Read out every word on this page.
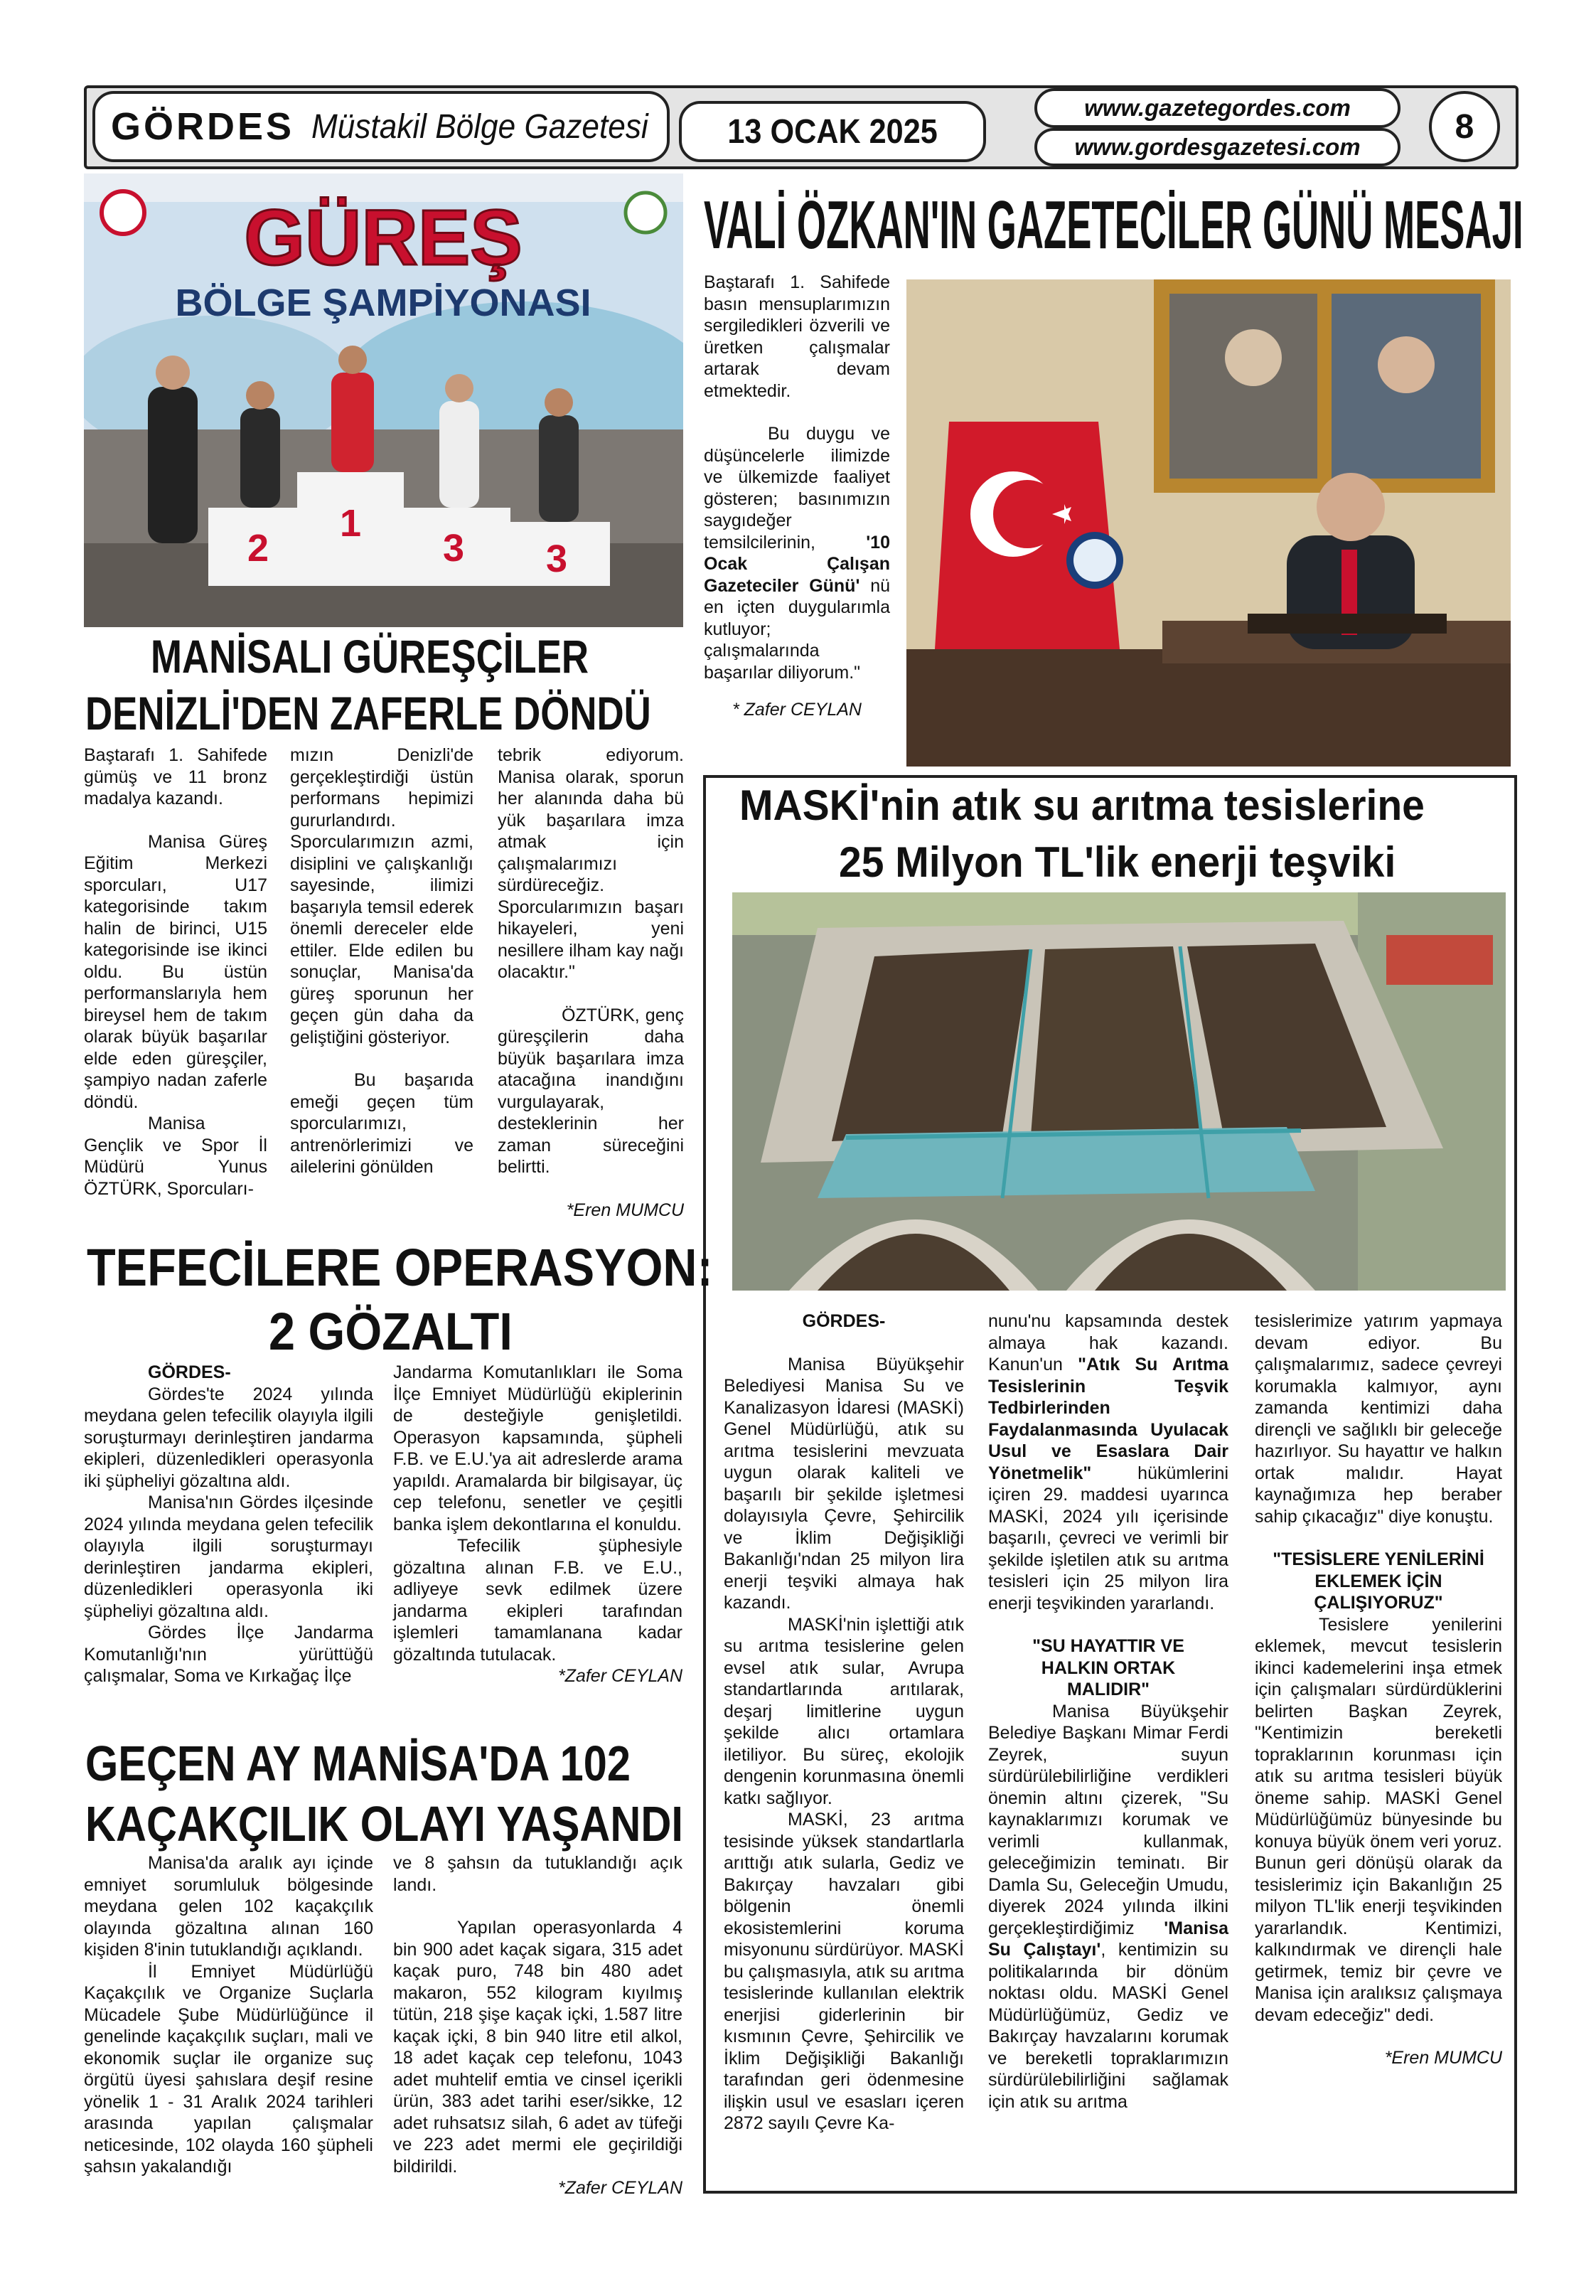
GÖRDES Müstakil Bölge Gazetesi 13 OCAK 2025
www.gazetegordes.com
www.gordesgazetesi.com
8
GÜREŞ
BÖLGE ŞAMPİYONASI
2
1
3 3
MANİSALI GÜREŞÇİLER
DENİZLİ'DEN ZAFERLE DÖNDÜ

Baştarafı 1. Sahifede gümüş ve 11 bronz madalya kazandı.

Manisa Güreş Eğitim Merkezi sporcuları, U17 kategorisinde takım halin de birinci, U15 kategorisinde ise ikinci oldu. Bu üstün performanslarıyla hem bireysel hem de takım olarak büyük başarılar elde eden güreşçiler, şampiyo nadan zaferle döndü.

Manisa Gençlik ve Spor İl Müdürü Yunus ÖZTÜRK, Sporcuları-

mızın Denizli'de gerçekleştirdiği üstün performans hepimizi gururlandırdı. Sporcularımızın azmi, disiplini ve çalışkanlığı sayesinde, ilimizi başarıyla temsil ederek önemli dereceler elde ettiler. Elde edilen bu sonuçlar, Manisa'da güreş sporunun her geçen gün daha da geliştiğini gösteriyor.

Bu başarıda emeği geçen tüm sporcularımızı, antrenörlerimizi ve ailelerini gönülden

tebrik ediyorum. Manisa olarak, sporun her alanında daha bü yük başarılara imza atmak için çalışmalarımızı sürdüreceğiz. Sporcularımızın başarı hikayeleri, yeni nesillere ilham kay nağı olacaktır."

ÖZTÜRK, genç güreşçilerin daha büyük başarılara imza atacağına inandığını vurgulayarak, desteklerinin her zaman süreceğini belirtti.

*Eren MUMCU

VALİ ÖZKAN'IN GAZETECİLER GÜNÜ MESAJI

Baştarafı 1. Sahifede basın mensuplarımızın sergiledikleri özverili ve üretken çalışmalar artarak devam etmektedir.

Bu duygu ve düşüncelerle ilimizde ve ülkemizde faaliyet gösteren; basınımızın saygıdeğer temsilcilerinin, '10 Ocak Çalışan Gazeteciler Günü' nü en içten duygularımla kutluyor; çalışmalarında başarılar diliyorum."

* Zafer CEYLAN

MASKİ'nin atık su arıtma tesislerine
25 Milyon TL'lik enerji teşviki

GÖRDES-

Manisa Büyükşehir Belediyesi Manisa Su ve Kanalizasyon İdaresi (MASKİ) Genel Müdürlüğü, atık su arıtma tesislerini mevzuata uygun olarak kaliteli ve başarılı bir şekilde işletmesi dolayısıyla Çevre, Şehircilik ve İklim Değişikliği Bakanlığı'ndan 25 milyon lira enerji teşviki almaya hak kazandı.

MASKİ'nin işlettiği atık su arıtma tesislerine gelen evsel atık sular, Avrupa standartlarında arıtılarak, deşarj limitlerine uygun şekilde alıcı ortamlara iletiliyor. Bu süreç, ekolojik dengenin korunmasına önemli katkı sağlıyor.

MASKİ, 23 arıtma tesisinde yüksek standartlarla arıttığı atık sularla, Gediz ve Bakırçay havzaları gibi bölgenin önemli ekosistemlerini koruma misyonunu sürdürüyor. MASKİ bu çalışmasıyla, atık su arıtma tesislerinde kullanılan elektrik enerjisi giderlerinin bir kısmının Çevre, Şehircilik ve İklim Değişikliği Bakanlığı tarafından geri ödenmesine ilişkin usul ve esasları içeren 2872 sayılı Çevre Ka-

nunu'nu kapsamında destek almaya hak kazandı. Kanun'un "Atık Su Arıtma Tesislerinin Teşvik Tedbirlerinden Faydalanmasında Uyulacak Usul ve Esaslara Dair Yönetmelik" hükümlerini içiren 29. maddesi uyarınca MASKİ, 2024 yılı içerisinde başarılı, çevreci ve verimli bir şekilde işletilen atık su arıtma tesisleri için 25 milyon lira enerji teşvikinden yararlandı.

"SU HAYATTIR VE HALKIN ORTAK MALIDIR"

Manisa Büyükşehir Belediye Başkanı Mimar Ferdi Zeyrek, suyun sürdürülebilirliğine verdikleri önemin altını çizerek, "Su kaynaklarımızı korumak ve verimli kullanmak, geleceğimizin teminatı. Bir Damla Su, Geleceğin Umudu, diyerek 2024 yılında ilkini gerçekleştirdiğimiz 'Manisa Su Çalıştayı', kentimizin su politikalarında bir dönüm noktası oldu. MASKİ Genel Müdürlüğümüz, Gediz ve Bakırçay havzalarını korumak ve bereketli topraklarımızın sürdürülebilirliğini sağlamak için atık su arıtma

tesislerimize yatırım yapmaya devam ediyor. Bu çalışmalarımız, sadece çevreyi korumakla kalmıyor, aynı zamanda kentimizi daha dirençli ve sağlıklı bir geleceğe hazırlıyor. Su hayattır ve halkın ortak malıdır. Hayat kaynağımıza hep beraber sahip çıkacağız" diye konuştu.

"TESİSLERE YENİLERİNİ EKLEMEK İÇİN ÇALIŞIYORUZ"

Tesislere yenilerini eklemek, mevcut tesislerin ikinci kademelerini inşa etmek için çalışmaları sürdürdüklerini belirten Başkan Zeyrek, "Kentimizin bereketli topraklarının korunması için atık su arıtma tesisleri büyük öneme sahip. MASKİ Genel Müdürlüğümüz bünyesinde bu konuya büyük önem veri yoruz. Bunun geri dönüşü olarak da tesislerimiz için Bakanlığın 25 milyon TL'lik enerji teşvikinden yararlandık. Kentimizi, kalkındırmak ve dirençli hale getirmek, temiz bir çevre ve Manisa için aralıksız çalışmaya devam edeceğiz" dedi.

*Eren MUMCU

TEFECİLERE OPERASYON:
2 GÖZALTI

GÖRDES-

Gördes'te 2024 yılında meydana gelen tefecilik olayıyla ilgili soruşturmayı derinleştiren jandarma ekipleri, düzenledikleri operasyonla iki şüpheliyi gözaltına aldı.

Manisa'nın Gördes ilçesinde 2024 yılında meydana gelen tefecilik olayıyla ilgili soruşturmayı derinleştiren jandarma ekipleri, düzenledikleri operasyonla iki şüpheliyi gözaltına aldı.

Gördes İlçe Jandarma Komutanlığı'nın yürüttüğü çalışmalar, Soma ve Kırkağaç İlçe

Jandarma Komutanlıkları ile Soma İlçe Emniyet Müdürlüğü ekiplerinin de desteğiyle genişletildi. Operasyon kapsamında, şüpheli F.B. ve E.U.'ya ait adreslerde arama yapıldı. Aramalarda bir bilgisayar, üç cep telefonu, senetler ve çeşitli banka işlem dekontlarına el konuldu.

Tefecilik şüphesiyle gözaltına alınan F.B. ve E.U., adliyeye sevk edilmek üzere jandarma ekipleri tarafından işlemleri tamamlanana kadar gözaltında tutulacak.

*Zafer CEYLAN

GEÇEN AY MANİSA'DA 102
KAÇAKÇILIK OLAYI YAŞANDI

Manisa'da aralık ayı içinde emniyet sorumluluk bölgesinde meydana gelen 102 kaçakçılık olayında gözaltına alınan 160 kişiden 8'inin tutuklandığı açıklandı.

İl Emniyet Müdürlüğü Kaçakçılık ve Organize Suçlarla Mücadele Şube Müdürlüğünce il genelinde kaçakçılık suçları, mali ve ekonomik suçlar ile organize suç örgütü üyesi şahıslara deşif resine yönelik 1 - 31 Aralık 2024 tarihleri arasında yapılan çalışmalar neticesinde, 102 olayda 160 şüpheli şahsın yakalandığı

ve 8 şahsın da tutuklandığı açık landı.

Yapılan operasyonlarda 4 bin 900 adet kaçak sigara, 315 adet kaçak puro, 748 bin 480 adet makaron, 552 kilogram kıyılmış tütün, 218 şişe kaçak içki, 1.587 litre kaçak içki, 8 bin 940 litre etil alkol, 18 adet kaçak cep telefonu, 1043 adet muhtelif emtia ve cinsel içerikli ürün, 383 adet tarihi eser/sikke, 12 adet ruhsatsız silah, 6 adet av tüfeği ve 223 adet mermi ele geçirildiği bildirildi.

*Zafer CEYLAN
